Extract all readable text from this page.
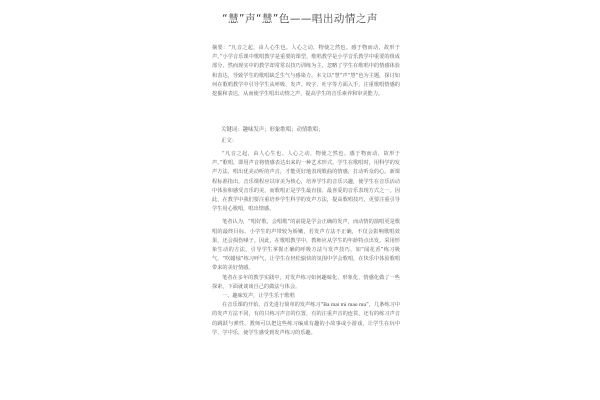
“慧”声“慧”色——唱出动情之声

摘要：“凡音之起，由人心生也。人心之动，物使之然也。感于物而动，故形于声。”小学音乐课中歌唱教学是重要的课型，歌唱教学是小学音乐教学中重要的组成部分，然而现实中的教学却常常以技巧训练为主，忽略了学生在歌唱中的情感体验和表达，导致学生的歌唱缺乏生气与感染力。本文以“慧”声“慧”色为主题，探讨如何在歌唱教学中引导学生从呼吸、发声、咬字、吐字等方面入手，注重歌唱情感的挖掘和表达，从而使学生唱出动情之声，提高学生的音乐素养和审美能力。

关键词：趣味发声；形象歌唱；动情歌唱；
正文：

“凡音之起，由人心生也。人心之动，物使之然也。感于物而动，故形于声。”歌唱，即用声音将情感表达出来的一种艺术形式。学生在歌唱时，用科学的发声方法，唱出优美动听的声音，才能更好地表现歌曲的情感，打动听众的心。新课程标准指出，音乐课程应以审美为核心，培养学生的音乐兴趣，使学生在音乐活动中体验和感受音乐的美，而歌唱正是学生最直接、最喜爱的音乐表现方式之一。因此，在教学中我们要注重培养学生科学的发声方法，提高歌唱技巧，更要注重引导学生用心歌唱，唱出情感。

笔者认为，“唱好歌，会唱歌”的前提是学会正确的发声，而动情的演唱更是歌唱的最终目标。小学生的声带较为娇嫩，若发声方法不正确，不仅会影响歌唱效果，还会损伤嗓子。因此，在歌唱教学中，教师应从学生的年龄特点出发，采用形象生动的方法，引导学生掌握正确的呼吸方法与发声技巧，如“闻花香”练习吸气、“吹蜡烛”练习呼气，让学生在轻松愉快的氛围中学会歌唱，在快乐中体验歌唱带来的美好情感。

笔者在多年的教学实践中，对发声练习如何趣味化、形象化、情感化做了一些探索，下面就谈谈自己的做法与体会。

一、趣味发声，让学生乐于歌唱

在音乐课的开始，首先进行简单的发声练习“Ba mai mi mao mu”，几条练习中的发声方法不同，有的只练习声音的位置，有的注重声音的连贯，还有的练习声音的跳跃与弹性。教师可以把这些练习编成有趣的小故事或小游戏，让学生在玩中学、学中乐，使学生感受到发声练习的乐趣。
